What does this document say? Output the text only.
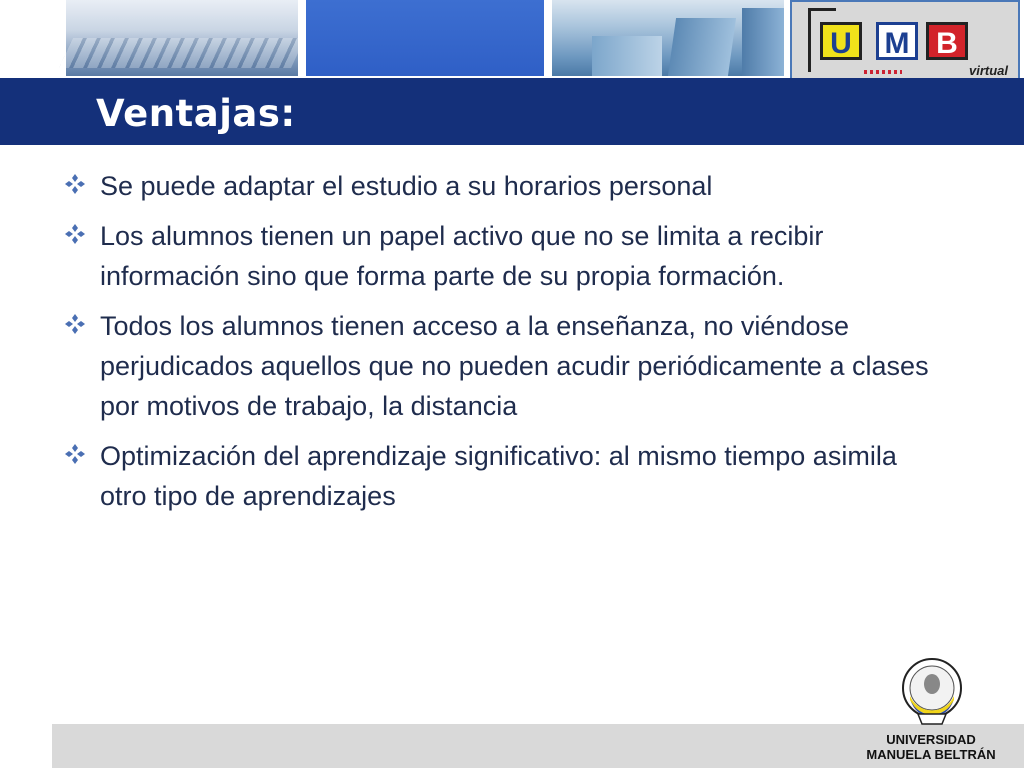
U	M B
virtual
Ventajas:
Se puede adaptar el estudio a su horarios personal
Los alumnos tienen un papel activo que no se limita a recibir información sino que forma parte de su propia formación.
Todos los alumnos tienen acceso a la enseñanza, no viéndose perjudicados aquellos que no pueden acudir periódicamente a clases por motivos de trabajo, la distancia
Optimización del aprendizaje significativo: al mismo tiempo asimila otro tipo de aprendizajes
UNIVERSIDAD
MANUELA BELTRÁN
